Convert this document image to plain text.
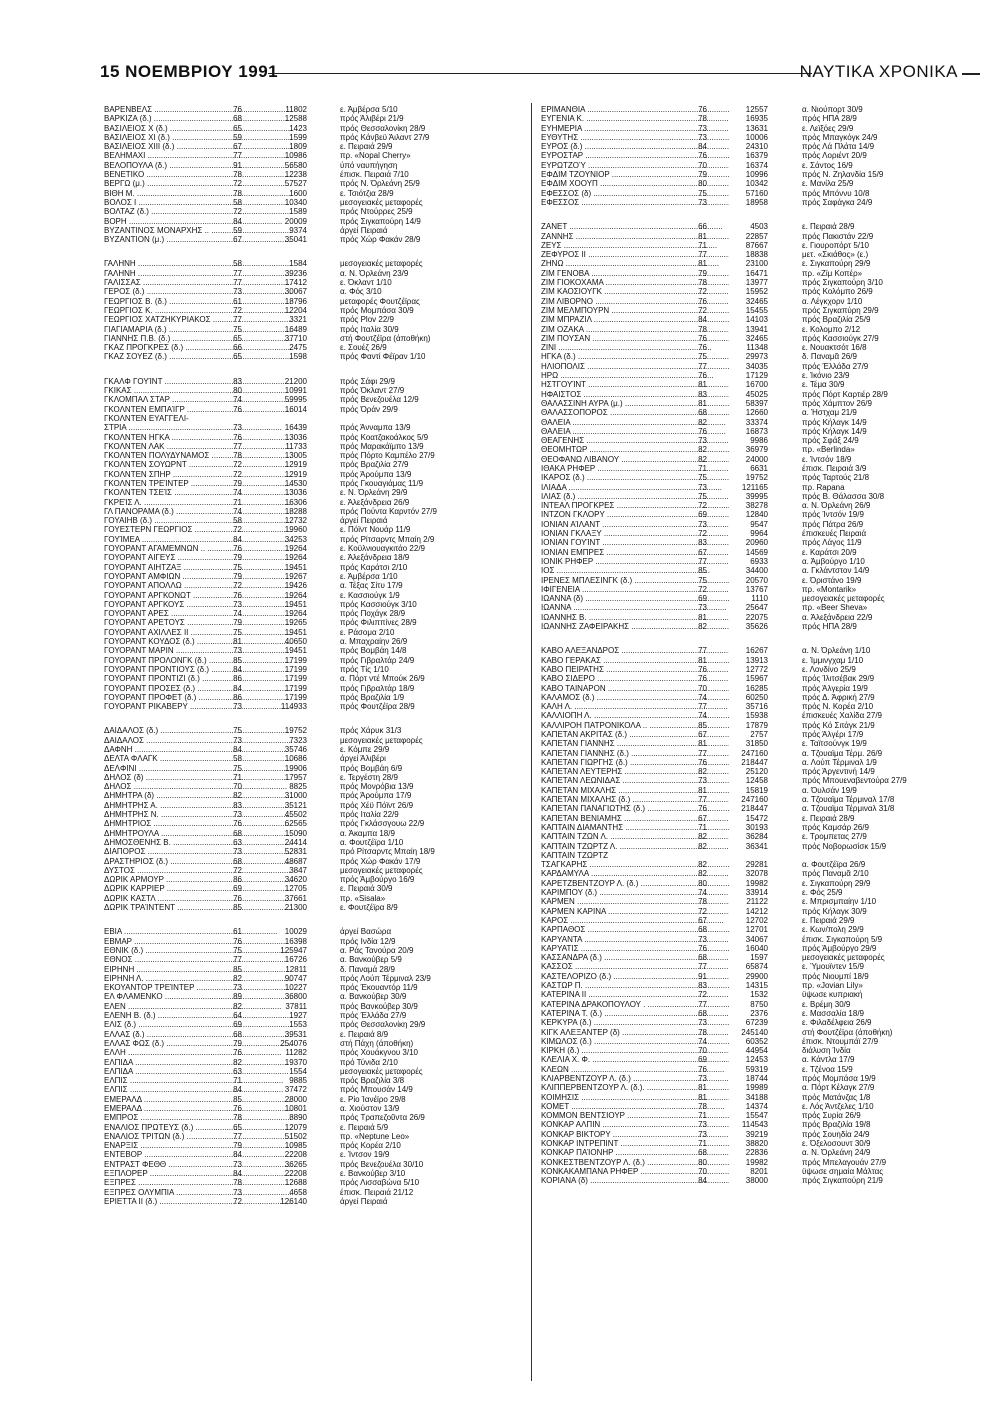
15 ΝΟΕΜΒΡΙΟΥ 1991	ΝΑΥΤΙΚΑ ΧΡΟΝΙΚΑ
ΒΑΡΕΝΒΕΛΣ .....	76	11802	ε. Άμβέρσα 5/10
ΒΑΡΚΙΖΑ (δ.) .....	68	12588	πρός Άλιβέρι 21/9
ΒΑΣΙΛΕΙΟΣ Χ (δ.) .....	65	1423	πρός Θεσσαλονίκη 28/9
ΒΑΣΙΛΕΙΟΣ ΧΙ (δ.) .....	59	1599	πρός Κάνβεϋ Άιλαντ 27/9
ΒΑΣΙΛΕΙΟΣ ΧΙΙΙ (δ.) .....	67	1809	ε. Πειραιά 29/9
ΒΕΛΗΜΑΧΙ .....	77	10986	πρ. «Nopal Cherry»
ΒΕΛΟΠΟΥΛΑ (δ.) .....	91	56580	ύπό ναυπήγηση
ΒΕΝΕΤΙΚΟ .....	78	12238	έπισκ. Πειραιά 7/10
ΒΕΡΓΩ (μ.) .....	72	57527	πρός Ν. Όρλεάνη 25/9
ΒΙΘΗ Μ. .....	78	1600	ε. Τσιότζια 28/9
ΒΟΛΟΣ Ι .....	58	10340	μεσογειακές μεταφορές
ΒΟΛΤΑΖ (δ.) .....	72	1589	πρός Ντούρρες 25/9
ΒΟΡΗ .....	84	20009	πρός Σιγκαπούρη 14/9
ΒΥΖΑΝΤΙΝΟΣ ΜΟΝΑΡΧΗΣ .. .....	59	9374	άργεί Πειραιά
ΒΥΖΑΝΤΙΟΝ (μ.) .....	67	35041	πρός Χώρ Φακάν 28/9
ΓΑΛΗΝΗ .....	58	1584	μεσογειακές μεταφορές
ΓΑΛΗΝΗ .....	77	39236	α. Ν. Όρλεάνη 23/9
ΓΑΛΙΣΣΑΣ .....	77	17412	ε. Όκλαντ 1/10
ΓΕΡΟΣ (δ.) .....	73	30067	α. Φός 3/10
ΓΕΩΡΓΙΟΣ Β. (δ.) .....	61	18796	μεταφορές Φουτζέϊρας
ΓΕΩΡΓΙΟΣ Κ. .....	72	12204	πρός Μομπάσα 30/9
ΓΕΩΡΓΙΟΣ ΧΑΤΖΗΚΥΡΙΑΚΟΣ .....	77	3321	πρός Plov 22/9
ΓΙΑΓΙΑΜΑΡΙΑ (δ.) .....	75	16489	πρός Ιταλία 30/9
ΓΙΑΝΝΗΣ Π.Β. (δ.) .....	65	37710	στή Φουτζέϊρα (άποθήκη)
ΓΚΑΖ ΠΡΟΓΚΡΕΣ (δ.) .....	66	2475	ε. Σουέζ 26/9
ΓΚΑΖ ΣΟΥΕΖ (δ.) .....	65	1598	πρός Φαντί Φέϊραν 1/10
ΓΚΑΛΦ ΓΟΥΊΝΤ .....	83	21200	πρός Σάφι 29/9
ΓΚΙΚΑΣ .....	80	10991	πρός Όκλαντ 27/9
ΓΚΛΟΜΠΑΛ ΣΤΑΡ .....	74	59995	πρός Βενεζουέλα 12/9
ΓΚΟΛΝΤΕΝ ΕΜΠΑΊΓΡ .....	76	16014	πρός Όράν 29/9
ΓΚΟΛΝΤΕΝ ΕΥΑΓΓΕΛΙ-
ΣΤΡΙΑ .....	73	16439	πρός Άνναμπα 13/9
ΓΚΟΛΝΤΕΝ ΗΓΚΑ .....	76	13036	πρός Κοατζακοάλκος 5/9
ΓΚΟΛΝΤΕΝ ΛΑΚ .....	77	11733	πρός Μαρακάϊμπο 13/9
ΓΚΟΛΝΤΕΝ ΠΟΛΥΔΥΝΑΜΟΣ .....	78	13005	πρός Πόρτο Καμπέλο 27/9
ΓΚΟΛΝΤΕΝ ΣΟΥΩΡΝΤ .....	72	12919	πρός Βραζιλία 27/9
ΓΚΟΛΝΤΕΝ ΣΠΗΡ .....	72	12919	πρός Άρούμπα 13/9
ΓΚΟΛΝΤΕΝ ΤΡΕΊΝΤΕΡ .....	79	14530	πρός Γκουαγιάμας 11/9
ΓΚΟΛΝΤΕΝ ΤΣΕΊΣ .....	74	13036	ε. Ν. Όρλεάνη 29/9
ΓΚΡΕΊΣ Λ. .....	71	16306	ε. Άλεξάνδρεια 26/9
ΓΛ ΠΑΝΟΡΑΜΑ (δ.) .....	74	18288	πρός Πούντα Καρντόν 27/9
ΓΟΥΑΙΗΒ (δ.) .....	58	12732	άργεί Πειραιά
ΓΟΥΕΣΤΕΡΝ ΓΕΩΡΓΙΟΣ .....	72	19960	ε. Πόϊντ Νουάρ 11/9
ΓΟΥΊΜΕΑ .....	84	34253	πρός Ρίτσαρντς Μπαίη 2/9
ΓΟΥΟΡΑΝΤ ΑΓΑΜΕΜΝΩΝ .. .....	76	19264	ε. Κοϋλνιουαγκιτάο 22/9
ΓΟΥΟΡΑΝΤ ΑΙΓΕΥΣ .....	79	19264	ε. Άλεξάνδρεια 18/9
ΓΟΥΟΡΑΝΤ ΑΙΗΤΖΑΞ .....	75	19451	πρός Καράτσι 2/10
ΓΟΥΟΡΑΝΤ ΑΜΦΙΩΝ .....	79	19267	ε. Άμβέρσα 1/10
ΓΟΥΟΡΑΝΤ ΑΠΟΛΛΩ .....	72	19426	α. Τέξας Σίτυ 17/9
ΓΟΥΟΡΑΝΤ ΑΡΓΚΟΝΩΤ .....	76	19264	ε. Κασσιούγκ 1/9
ΓΟΥΟΡΑΝΤ ΑΡΓΚΟΥΣ .....	73	19451	πρός Κασσιούγκ 3/10
ΓΟΥΟΡΑΝΤ ΑΡΕΣ .....	74	19264	πρός Ποχάγκ 28/9
ΓΟΥΟΡΑΝΤ ΑΡΕΤΟΥΣ .....	79	19265	πρός Φιλιππίνες 28/9
ΓΟΥΟΡΑΝΤ ΑΧΙΛΛΕΣ ΙΙ .....	75	19451	ε. Ράσομα 2/10
ΓΟΥΟΡΑΝΤ ΚΟΥΔΟΣ (δ.) .....	81	40650	α. Μπαχραίην 26/9
ΓΟΥΟΡΑΝΤ ΜΑΡΙΝ .....	73	19451	πρός Βομβάη 14/8
ΓΟΥΟΡΑΝΤ ΠΡΟΛΟΝΓΚ (δ.) .....	85	17199	πρός Γιβραλτάρ 24/9
ΓΟΥΟΡΑΝΤ ΠΡΟΝΤΙΟΥΣ (δ.) .....	84	17199	πρός Τίς 1/10
ΓΟΥΟΡΑΝΤ ΠΡΟΝΤΙΖΙ (δ.) .....	86	17199	α. Πόρτ ντέ Μπούκ 26/9
ΓΟΥΟΡΑΝΤ ΠΡΟΣΕΣ (δ.) .....	84	17199	πρός Γιβραλτάρ 18/9
ΓΟΥΟΡΑΝΤ ΠΡΟΦΕΤ (δ.) .....	86	17199	πρός Βραζιλία 1/9
ΓΟΥΟΡΑΝΤ ΡΙΚΑΒΕΡΥ .....	73	114933	πρός Φουτζέϊρα 28/9
ΔΑΙΔΑΛΟΣ (δ.) .....	75	19752	πρός Χάρυκ 31/3
ΔΑΙΔΑΛΟΣ .....	73	7323	μεσογειακές μεταφορές
ΔΑΦΝΗ .....	84	35746	ε. Κόμπε 29/9
ΔΕΛΤΑ ΦΛΑΓΚ .....	58	10686	άργεί Άλιβέρι
ΔΕΛΦΙΝΙ .....	75	19906	πρός Βομβάη 6/9
ΔΗΛΟΣ (δ) .....	71	17957	ε. Τεργέστη 28/9
ΔΗΛΟΣ .....	70	8825	πρός Μονρόβια 13/9
ΔΗΜΗΤΡΑ (δ) .....	82	31000	πρός Άρούμπα 17/9
ΔΗΜΗΤΡΗΣ Α. .....	83	35121	πρός Χέϋ Πόϊντ 26/9
ΔΗΜΗΤΡΗΣ Ν. .....	73	45502	πρός Ιταλία 22/9
ΔΗΜΗΤΡΙΟΣ .....	76	62565	πρός Γκλάσσγουω 22/9
ΔΗΜΗΤΡΟΥΛΑ .....	68	15090	α. Άκαμπα 18/9
ΔΗΜΟΣΘΕΝΗΣ Β. .....	63	24414	α. Φουτζέϊρα 1/10
ΔΙΑΠΟΡΟΣ .....	73	52831	πρό Ρίτσαρντς Μπαίη 18/9
ΔΡΑΣΤΗΡΙΟΣ (δ.) .....	68	48687	πρός Χώρ Φακάν 17/9
ΔΥΣΤΟΣ .....	72	3847	μεσογειακές μεταφορές
ΔΩΡΙΚ ΑΡΜΟΥΡ .....	86	34620	πρός Άμβούργο 16/9
ΔΩΡΙΚ ΚΑΡΡΙΕΡ .....	69	12705	ε. Πειραιά 30/9
ΔΩΡΙΚ ΚΑΣΤΛ .....	76	37661	πρ. «Sisala»
ΔΩΡΙΚ ΤΡΑΊΝΤΕΝΤ .....	85	21300	ε. Φουτζέϊρα 8/9
ΕΒΙΑ .....	61	10029	άργεί Βασώρα
ΕΒΜΑΡ .....	76	16398	πρός Ινδία 12/9
ΕΘΝΙΚ (δ.) .....	75	125947	α. Ράς Τανούρα 20/9
ΕΘΝΟΣ .....	77	16726	α. Βανκούβερ 5/9
ΕΙΡΗΝΗ .....	85	12811	δ. Παναμά 28/9
ΕΙΡΗΝΗ Λ. .....	82	90747	πρός Λούπ Τέρμιναλ 23/9
ΕΚΟΥΑΝΤΟΡ ΤΡΕΊΝΤΕΡ .....	73	10227	πρός Έκουαντόρ 11/9
ΕΛ ΦΛΑΜΕΝΚΟ .....	89	36800	α. Βανκούβερ 30/9
ΕΛΕΝ .....	82	37811	πρός Βανκούβερ 30/9
ΕΛΕΝΗ Β. (δ.) .....	64	1927	πρός Έλλάδα 27/9
ΕΛΙΣ (δ.) .....	69	1553	πρός Θεσσαλονίκη 29/9
ΕΛΛΑΣ (δ.) .....	68	39531	ε. Πειραιά 8/9
ΕΛΛΑΣ ΦΩΣ (δ.) .....	79	254076	στή Πάχη (άποθήκη)
ΕΛΛΗ .....	76	11282	πρός Χουάκγνου 3/10
ΕΛΠΙΔΑ .....	82	19370	πρό Τύνιδα 2/10
ΕΛΠΙΔΑ .....	63	1554	μεσογειακές μεταφορές
ΕΛΠΙΣ .....	71	9885	πρός Βραζιλία 3/8
ΕΛΠΙΣ .....	84	37472	πρός Μπουσάν 14/9
ΕΜΕΡΑΛΔ .....	85	28000	ε. Ρίο Ίανέϊρο 29/8
ΕΜΕΡΑΛΔ .....	76	10801	α. Χιούστον 13/9
ΕΜΠΡΟΣ .....	78	8890	πρός Τραπεζοῦντα 26/9
ΕΝΑΛΙΟΣ ΠΡΩΤΕΥΣ (δ.) .....	65	12079	ε. Πειραιά 5/9
ΕΝΑΛΙΟΣ ΤΡΙΤΩΝ (δ.) .....	77	51502	πρ. «Neptune Leo»
ΕΝΑΡΞΙΣ .....	79	10985	πρός Κορέα 2/10
ΕΝΤΕΒΟΡ .....	84	22208	ε. Ίντσον 19/9
ΕΝΤΡΑΣΤ ΦΕΘΘ .....	73	36265	πρός Βενεζουέλα 30/10
ΕΞΠΛΟΡΕΡ .....	84	22208	ε. Βανκούβερ 3/10
ΕΞΠΡΕΣ .....	78	12688	πρός Λισσαβώνα 5/10
ΕΞΠΡΕΣ ΟΛΥΜΠΙΑ .....	73	4658	έπισκ. Πειραιά 21/12
ΕΡΙΕΤΤΑ ΙΙ (δ.) .....	72	126140	άργεί Πειραιά
ΕΡΙΜΑΝΘΙΑ .....	76	12557	α. Νιούπορτ 30/9
ΕΥΓΕΝΙΑ Κ. .....	78	16935	πρός ΗΠΑ 28/9
ΕΥΗΜΕΡΙΑ .....	73	13631	ε. Λεϊξόες 29/9
ΕΥΘΥΤΗΣ .....	73	10006	πρός Μπαγκόγκ 24/9
ΕΥΡΟΣ (δ.) .....	84	24310	πρός Λά Πλάτα 14/9
ΕΥΡΟΣΤΑΡ .....	76	16379	πρός Λοριέντ 20/9
ΕΥΡΩΤΖΟΎ .....	70	16374	ε. Σάντος 16/9
ΕΦΔΙΜ ΤΖΟΥΝΙΟΡ .....	79	10996	πρός Ν. Ζηλανδία 15/9
ΕΦΔΙΜ ΧΟΟΥΠ .....	80	10342	ε. Μανίλα 25/9
ΕΦΕΣΣΟΣ (δ) .....	75	57160	πρός Μπόννυ 10/8
ΕΦΕΣΣΟΣ .....	73	18958	πρός Σαφάγκα 24/9
ΖΑΝΕΤ .....	66	4503	ε. Πειραιά 28/9
ΖΑΝΝΗΣ .....	81	22857	πρός Πακιστάν 22/9
ΖΕΥΣ .....	71	87667	ε. Γιουροπόρτ 5/10
ΖΕΦΥΡΟΣ ΙΙ .....	77	18838	μετ. «Σκιάθος» (ε.)
ΖΗΝΩ .....	81	23100	ε. Σιγκαπούρη 29/9
ΖΙΜ ΓΕΝΟΒΑ .....	79	16471	πρ. «Ζίμ Κοπέρ»
ΖΙΜ ΓΙΟΚΟΧΑΜΑ .....	78	13977	πρός Σιγκαπούρη 3/10
ΖΙΜ ΚΑΟΣΙΟΥΓΚ .....	72	15952	πρός Κολόμπο 26/9
ΖΙΜ ΛΙΒΟΡΝΟ .....	76	32465	α. Λέγκχορν 1/10
ΖΙΜ ΜΕΛΜΠΟΥΡΝ .....	72	15455	πρός Σιγκαπύρη 29/9
ΖΙΜ ΜΠΡΑΖΙΛ .....	84	14103	πρός Βραζιλία 25/9
ΖΙΜ ΟΖΑΚΑ .....	78	13941	ε. Κολομπο 2/12
ΖΙΜ ΠΟΥΣΑΝ .....	76	32465	πρός Κασσιούγκ 27/9
ΖΙΝΙ .....	76	11348	ε. Νουακτσότ 16/8
ΗΓΚΑ (δ.) .....	75	29973	δ. Παναμᾶ 26/9
ΗΛΙΟΠΟΛΙΣ .....	77	34035	πρός Έλλάδα 27/9
ΗΡΩ .....	76	17129	ε. Ίκόνιο 23/9
ΗΣΤΓΟΥΊΝΤ .....	81	16700	ε. Τέμα 30/9
ΗΦΑΙΣΤΟΣ .....	83	45025	πρός Πόρτ Καρτιέρ 28/9
ΘΑΛΑΣΣΙΝΗ ΑΥΡΑ (μ.) .....	81	58397	πρός Χάμπτον 26/9
ΘΑΛΑΣΣΟΠΟΡΟΣ .....	68	12660	α. Ήστχαμ 21/9
ΘΑΛΕΙΑ .....	82	33374	πρός Κήλαγκ 14/9
ΘΑΛΕΙΑ .....	76	16873	πρός Κήλαγκ 14/9
ΘΕΑΓΕΝΗΣ .....	73	9986	πρός Σφάξ 24/9
ΘΕΟΜΗΤΩΡ .....	82	36979	πρ. «Berlinda»
ΘΕΟΦΑΝΩ ΛΙΒΑΝΟΥ .....	82	24000	ε. Ίντσόν 18/9
ΙΘΑΚΑ ΡΗΦΕΡ .....	71	6631	έπισκ. Πειραιά 3/9
ΙΚΑΡΟΣ (δ.) .....	75	19752	πρός Ταρτούς 21/8
ΙΛΙΑΔΑ .....	73	121165	πρ. Rapana
ΙΛΙΑΣ (δ.) .....	75	39995	πρός Β. Θάλασσα 30/8
ΙΝΤΕΑΛ ΠΡΟΓΚΡΕΣ .....	72	38278	α. Ν. Όρλεάνη 26/9
ΙΝΤΖΟΝ ΓΚΛΟΡΥ .....	69	12840	πρός Ίντσόν 19/9
ΙΟΝΙΑΝ ΑΊΛΑΝΤ .....	73	9547	πρός Πάτρα 26/9
ΙΟΝΙΑΝ ΓΚΛΑΞΥ .....	72	9964	έπισκευές Πειραιά
ΙΟΝΙΑΝ ΓΟΥΊΝΤ .....	83	20960	πρός Λάγος 11/9
ΙΟΝΙΑΝ ΕΜΠΡΕΣ .....	67	14569	ε. Καράτσι 20/9
ΙΟΝΙΚ ΡΗΦΕΡ .....	77	6933	α. Άμβούργο 1/10
ΙΟΣ .....	85	34400	α. Γκλάντστον 14/9
ΙΡΕΝΕΣ ΜΠΛΕΣΙΝΓΚ (δ.) .....	75	20570	ε. Όριστάνο 19/9
ΙΦΙΓΕΝΕΙΑ .....	72	13767	πρ. «Montarik»
ΙΩΑΝΝΑ (δ) .....	69	1110	μεσογειακές μεταφορές
ΙΩΑΝΝΑ .....	73	25647	πρ. «Beer Sheva»
ΙΩΑΝΝΗΣ Β. .....	81	22075	α. Άλεξάνδρεια 22/9
ΙΩΑΝΝΗΣ ΖΑΦΕΙΡΑΚΗΣ .....	82	35626	πρός ΗΠΑ 28/9
ΚΑΒΟ ΑΛΕΞΑΝΔΡΟΣ .....	77	16267	α. Ν. Όρλεάνη 1/10
ΚΑΒΟ ΓΕΡΑΚΑΣ .....	81	13913	ε. Ίμμινγχαμ 1/10
ΚΑΒΟ ΠΕΙΡΑΤΗΣ .....	76	12772	ε. Λονδίνο 25/9
ΚΑΒΟ ΣΙΔΕΡΟ .....	76	15967	πρός Ίλιτσέβακ 29/9
ΚΑΒΟ ΤΑΙΝΑΡΟΝ .....	70	16285	πρός Άλγερία 19/9
ΚΑΛΑΜΟΣ (δ.) .....	74	60250	πρός Δ. Άφρική 27/9
ΚΑΛΗ Λ. .....	77	35716	πρός Ν. Κορέα 2/10
ΚΑΛΛΙΟΠΗ Λ. .....	74	15938	έπισκευές Χαλίδα 27/9
ΚΑΛΛΙΡΟΗ ΠΑΤΡΟΝΙΚΟΛΑ .. .....	85	17879	πρός Κό Σιτάγκ 21/9
ΚΑΠΕΤΑΝ ΑΚΡΙΤΑΣ (δ.) .....	67	2757	πρός Άλγέρι 17/9
ΚΑΠΕΤΑΝ ΓΙΑΝΝΗΣ .....	81	31850	ε. Ταϊτσούνγκ 19/9
ΚΑΠΕΤΑΝ ΓΙΑΝΝΗΣ (δ.) .....	77	247160	α. Τζουαϊμα Τέρμ. 26/9
ΚΑΠΕΤΑΝ ΓΙΩΡΓΗΣ (δ.) .....	76	218447	α. Λούπ Τέρμιναλ 1/9
ΚΑΠΕΤΑΝ ΛΕΥΤΕΡΗΣ .....	82	25120	πρός Άργεντινή 14/9
ΚΑΠΕΤΑΝ ΛΕΩΝΙΔΑΣ .....	73	12458	πρός Μπουεναβεντούρα 27/9
ΚΑΠΕΤΑΝ ΜΙΧΑΛΗΣ .....	81	15819	α. Όυλσάν 19/9
ΚΑΠΕΤΑΝ ΜΙΧΑΛΗΣ (δ.) .....	77	247160	α. Τζουαϊμα Τέρμιναλ 17/8
ΚΑΠΕΤΑΝ ΠΑΝΑΓΙΩΤΗΣ (δ.) .....	76	218447	α. Τζουαϊμα Τέρμιναλ 31/8
ΚΑΠΕΤΑΝ ΒΕΝΙΑΜΗΣ .....	67	15472	ε. Πειραιά 28/9
ΚΑΠΤΑΙΝ ΔΙΑΜΑΝΤΗΣ .....	71	30193	πρός Καμσάρ 26/9
ΚΑΠΤΑΙΝ ΤΖΩΝ Λ. .....	82	36284	ε. Τρομπετας 27/9
ΚΑΠΤΑΙΝ ΤΖΩΡΤΖ Λ. .....	82	36341	πρός Νοβορωσίσκ 15/9
ΚΑΠΤΑΙΝ ΤΖΩΡΤΖ
ΤΣΑΓΚΑΡΗΣ .....	82	29281	α. Φουτζέϊρα 26/9
ΚΑΡΔΑΜΥΛΑ .....	82	32078	πρός Παναμᾶ 2/10
ΚΑΡΕΤΖΒΕΝΤΖΟΥΡ Λ. (δ.) .....	80	19982	ε. Σιγκαπούρη 29/9
ΚΑΡΙΜΠΟΥ (δ.) .....	74	33914	ε. Φός 25/9
ΚΑΡΜΕΝ .....	78	21122	ε. Μπρισμπαίην 1/10
ΚΑΡΜΕΝ ΚΑΡΙΝΑ .....	72	14212	πρός Κήλαγκ 30/9
ΚΑΡΟΣ .....	67	12702	ε. Πειραιά 29/9
ΚΑΡΠΑΘΟΣ .....	68	12701	ε. Κων/πολη 29/9
ΚΑΡΥΑΝΤΑ .....	73	34067	έπισκ. Σιγκαπούρη 5/9
ΚΑΡΥΑΤΙΣ .....	76	16040	πρός Άμβούργο 29/9
ΚΑΣΣΑΝΔΡΑ (δ.) .....	68	1597	μεσογειακές μεταφορές
ΚΑΣΣΟΣ .....	77	65874	ε. Ύμουϊντεν 15/9
ΚΑΣΤΕΛΟΡΙΖΟ (δ.) .....	91	29900	πρός Νιουμπί 18/9
ΚΑΣΤΩΡ Π. .....	83	14315	πρ. «Jovian Lily»
ΚΑΤΕΡΙΝΑ ΙΙ .....	72	1532	ϋψωσε κυπριακή
ΚΑΤΕΡΙΝΑ ΔΡΑΚΟΠΟΥΛΟΥ . .....	77	8750	ε. Βρέμη 30/9
ΚΑΤΕΡΙΝΑ Τ. (δ.) .....	68	2376	ε. Μασσαλία 18/9
ΚΕΡΚΥΡΑ (δ.) .....	73	67239	ε. Φιλαδέλφεια 26/9
ΚΙΓΚ ΑΛΕΞΑΝΤΕΡ (δ) .....	78	245140	στή Φουτζέϊρα (άποθήκη)
ΚΙΜΩΛΟΣ (δ.) .....	74	60352	έπισκ. Ντουμπάϊ 27/9
ΚΙΡΚΗ (δ.) .....	70	44954	διάλυση Ίνδία
ΚΛΕΛΙΑ Χ. Φ. .....	69	12453	α. Κάντλα 17/9
ΚΛΕΩΝ .....	76	59319	ε. Τζένοα 15/9
ΚΛΙΑΡΒΕΝΤΖΟΥΡ Λ. (δ.) .....	73	18744	πρός Μομπάσα 19/9
ΚΛΙΠΠΕΡΒΕΝΤΖΟΥΡ Λ. (δ.). .....	81	19989	α. Πόρτ Κέλαγκ 27/9
ΚΟΙΜΗΣΙΣ .....	81	34188	πρός Ματάνζας 1/8
ΚΟΜΕΤ .....	78	14374	ε. Λός Άντζελες 1/10
ΚΟΜΜΟΝ ΒΕΝΤΣΙΟΥΡ .....	71	15547	πρός Συρία 26/9
ΚΟΝΚΑΡ ΑΛΠΙΝ .....	73	114543	πρός Βραζιλία 19/8
ΚΟΝΚΑΡ ΒΙΚΤΟΡΥ .....	73	39219	πρός Σουηδία 24/9
ΚΟΝΚΑΡ ΙΝΤΡΕΠΙΝΤ .....	71	38820	ε. Όξελοσουντ 30/9
ΚΟΝΚΑΡ ΠΑΊΟΝΗΡ .....	68	22836	α. Ν. Όρλεάνη 24/9
ΚΟΝΚΕΣΤΒΕΝΤΖΟΥΡ Λ. (δ.) .....	80	19982	πρός Μπελαγουάν 27/9
ΚΟΝΚΑΚΑΜΠΑΝΑ ΡΗΦΕΡ .....	70	8201	ϋψωσε σημαία Μάλτας
ΚΟΡΙΑΝΑ (δ) .....	84	38000	πρός Σιγκαπούρη 21/9
